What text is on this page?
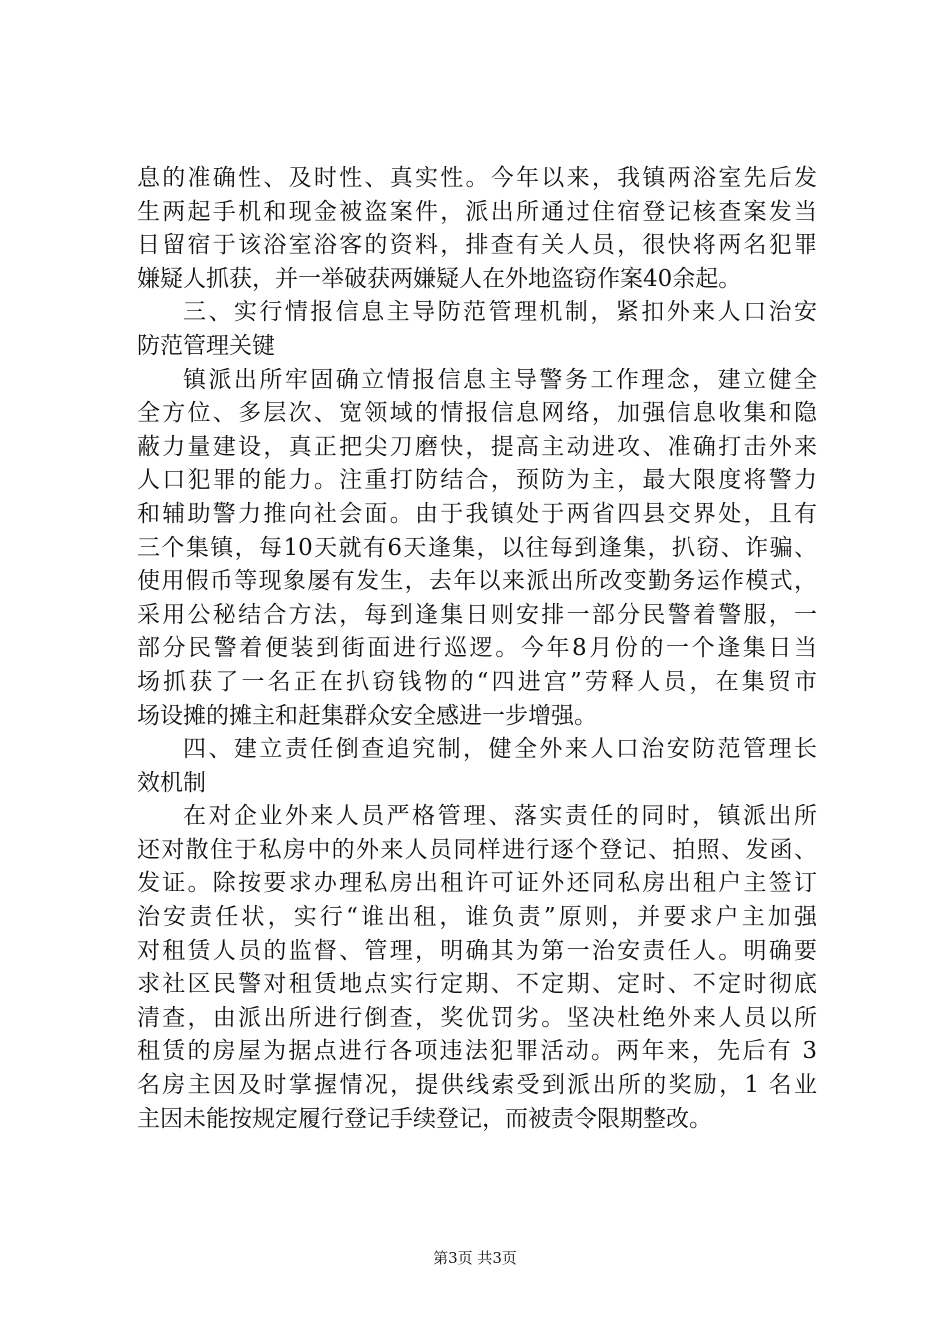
息的准确性、及时性、真实性。今年以来，我镇两浴室先后发
生两起手机和现金被盗案件，派出所通过住宿登记核查案发当
日留宿于该浴室浴客的资料，排查有关人员，很快将两名犯罪
嫌疑人抓获，并一举破获两嫌疑人在外地盗窃作案40余起。
三、实行情报信息主导防范管理机制，紧扣外来人口治安
防范管理关键
镇派出所牢固确立情报信息主导警务工作理念，建立健全
全方位、多层次、宽领域的情报信息网络，加强信息收集和隐
蔽力量建设，真正把尖刀磨快，提高主动进攻、准确打击外来
人口犯罪的能力。注重打防结合，预防为主，最大限度将警力
和辅助警力推向社会面。由于我镇处于两省四县交界处，且有
三个集镇，每10天就有6天逢集，以往每到逢集，扒窃、诈骗、
使用假币等现象屡有发生，去年以来派出所改变勤务运作模式，
采用公秘结合方法，每到逢集日则安排一部分民警着警服，一
部分民警着便装到街面进行巡逻。今年8月份的一个逢集日当
场抓获了一名正在扒窃钱物的“四进宫”劳释人员，在集贸市
场设摊的摊主和赶集群众安全感进一步增强。
四、建立责任倒查追究制，健全外来人口治安防范管理长
效机制
在对企业外来人员严格管理、落实责任的同时，镇派出所
还对散住于私房中的外来人员同样进行逐个登记、拍照、发函、
发证。除按要求办理私房出租许可证外还同私房出租户主签订
治安责任状，实行“谁出租，谁负责”原则，并要求户主加强
对租赁人员的监督、管理，明确其为第一治安责任人。明确要
求社区民警对租赁地点实行定期、不定期、定时、不定时彻底
清查，由派出所进行倒查，奖优罚劣。坚决杜绝外来人员以所
租赁的房屋为据点进行各项违法犯罪活动。两年来，先后有 3
名房主因及时掌握情况，提供线索受到派出所的奖励，1 名业
主因未能按规定履行登记手续登记，而被责令限期整改。
第3页 共3页
